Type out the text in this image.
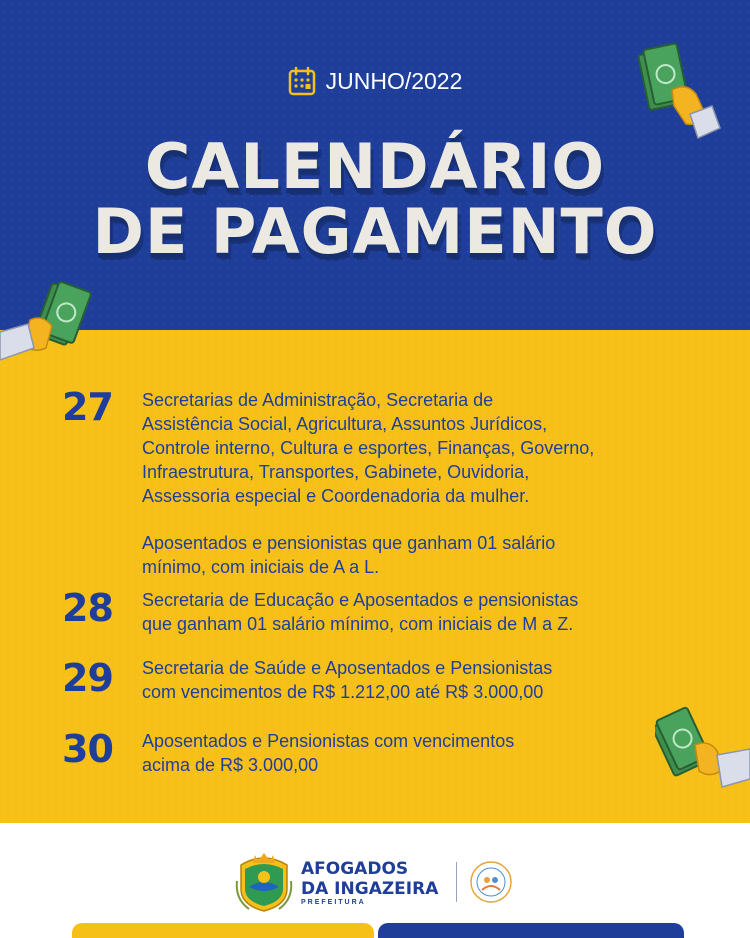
JUNHO/2022
CALENDÁRIO
DE PAGAMENTO
27	Secretarias de Administração, Secretaria de
Assistência Social, Agricultura, Assuntos Jurídicos,
Controle interno, Cultura e esportes, Finanças, Governo,
Infraestrutura, Transportes, Gabinete, Ouvidoria,
Assessoria especial e Coordenadoria da mulher.
Aposentados e pensionistas que ganham 01 salário
mínimo, com iniciais de A a L.
28	Secretaria de Educação e Aposentados e pensionistas
que ganham 01 salário mínimo, com iniciais de M a Z.
29	Secretaria de Saúde e Aposentados e Pensionistas
com vencimentos de R$ 1.212,00 até R$ 3.000,00
30	Aposentados e Pensionistas com vencimentos
acima de R$ 3.000,00
AFOGADOS
DA INGAZEIRA
PREFEITURA
